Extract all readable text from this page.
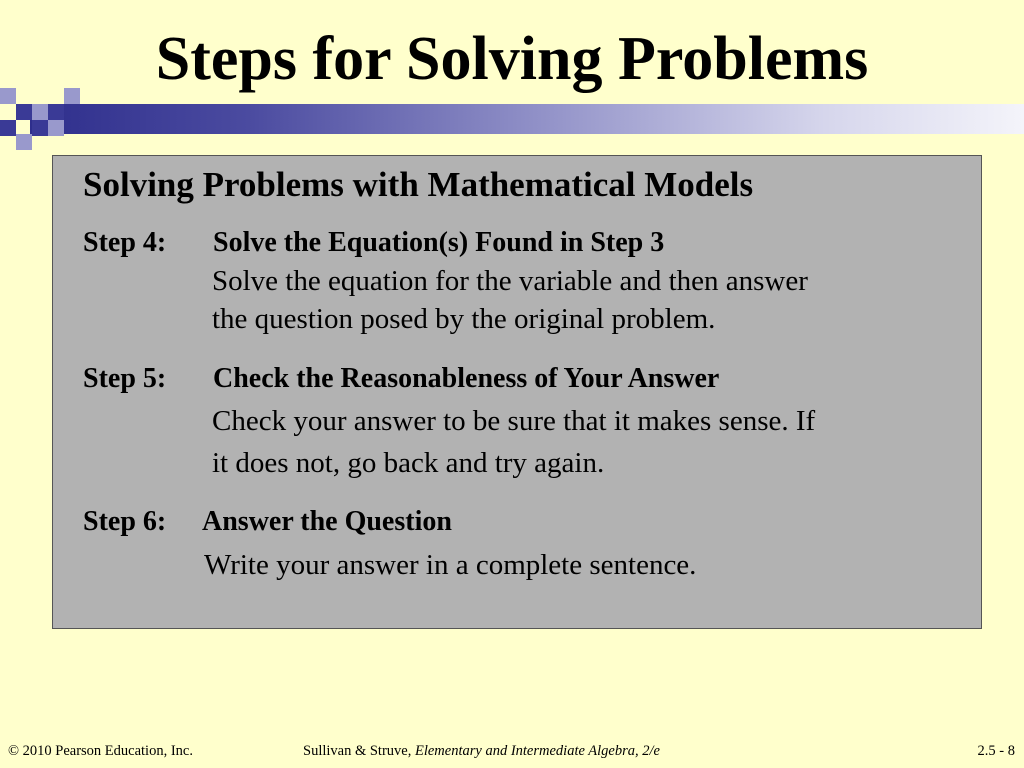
Steps for Solving Problems
Solving Problems with Mathematical Models
Step 4: Solve the Equation(s) Found in Step 3
Solve the equation for the variable and then answer
the question posed by the original problem.
Step 5: Check the Reasonableness of Your Answer
Check your answer to be sure that it makes sense. If
it does not, go back and try again.
Step 6: Answer the Question
Write your answer in a complete sentence.
© 2010 Pearson Education, Inc.	Sullivan & Struve, Elementary and Intermediate Algebra, 2/e	2.5 - 8
